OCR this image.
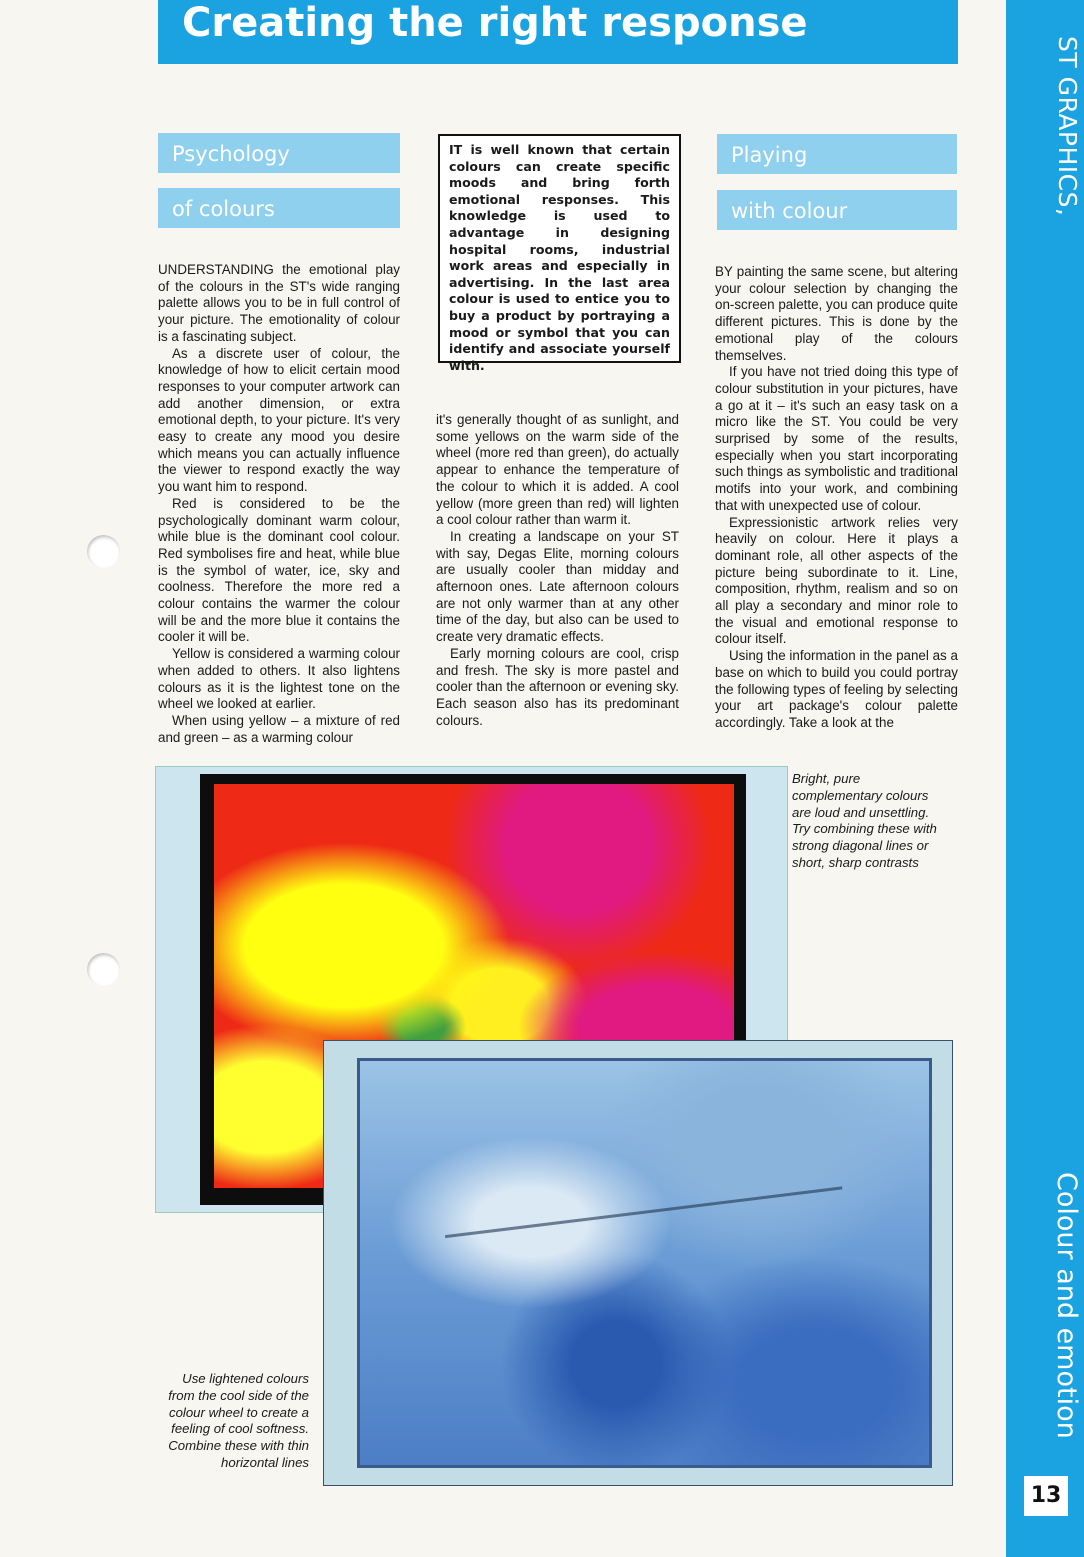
Creating the right response
ST GRAPHICS,
Colour and emotion
13
Psychology
of colours

UNDERSTANDING the emotional play of the colours in the ST's wide ranging palette allows you to be in full control of your picture. The emotionality of colour is a fascinating subject.

As a discrete user of colour, the knowledge of how to elicit certain mood responses to your computer artwork can add another dimension, or extra emotional depth, to your picture. It's very easy to create any mood you desire which means you can actually influence the viewer to respond exactly the way you want him to respond.

Red is considered to be the psychologically dominant warm colour, while blue is the dominant cool colour. Red symbolises fire and heat, while blue is the symbol of water, ice, sky and coolness. Therefore the more red a colour contains the warmer the colour will be and the more blue it contains the cooler it will be.

Yellow is considered a warming colour when added to others. It also lightens colours as it is the lightest tone on the wheel we looked at earlier.

When using yellow – a mixture of red and green – as a warming colour

IT is well known that certain colours can create specific moods and bring forth emotional responses. This knowledge is used to advantage in designing hospital rooms, industrial work areas and especially in advertising. In the last area colour is used to entice you to buy a product by portraying a mood or symbol that you can identify and associate yourself with.

it's generally thought of as sunlight, and some yellows on the warm side of the wheel (more red than green), do actually appear to enhance the temperature of the colour to which it is added. A cool yellow (more green than red) will lighten a cool colour rather than warm it.

In creating a landscape on your ST with say, Degas Elite, morning colours are usually cooler than midday and afternoon ones. Late afternoon colours are not only warmer than at any other time of the day, but also can be used to create very dramatic effects.

Early morning colours are cool, crisp and fresh. The sky is more pastel and cooler than the afternoon or evening sky. Each season also has its predominant colours.

Playing
with colour

BY painting the same scene, but altering your colour selection by changing the on-screen palette, you can produce quite different pictures. This is done by the emotional play of the colours themselves.

If you have not tried doing this type of colour substitution in your pictures, have a go at it – it's such an easy task on a micro like the ST. You could be very surprised by some of the results, especially when you start incorporating such things as symbolistic and traditional motifs into your work, and combining that with unexpected use of colour.

Expressionistic artwork relies very heavily on colour. Here it plays a dominant role, all other aspects of the picture being subordinate to it. Line, composition, rhythm, realism and so on all play a secondary and minor role to the visual and emotional response to colour itself.

Using the information in the panel as a base on which to build you could portray the following types of feeling by selecting your art package's colour palette accordingly. Take a look at the

Bright, pure complementary colours are loud and unsettling. Try combining these with strong diagonal lines or short, sharp contrasts
Use lightened colours from the cool side of the colour wheel to create a feeling of cool softness. Combine these with thin horizontal lines
